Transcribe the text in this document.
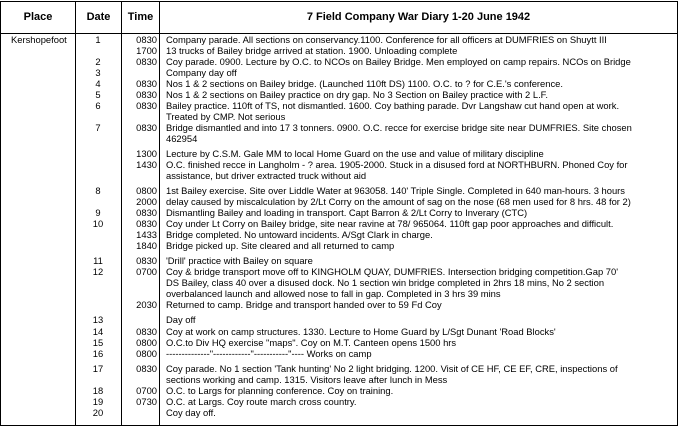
Place	Date	Time	7 Field Company War Diary 1-20 June 1942
Kershopefoot	1	0830 Company parade. All sections on conservancy.1100. Conference for all officers at DUMFRIES on Shuytt III
1700 13 trucks of Bailey bridge arrived at station. 1900. Unloading complete
2	0830 Coy parade. 0900. Lecture by O.C. to NCOs on Bailey Bridge. Men employed on camp repairs. NCOs on Bridge
3	Company day off
4	0830 Nos 1 & 2 sections on Bailey bridge. (Launched 110ft DS) 1100. O.C. to ? for C.E.'s conference.
5	0830 Nos 1 & 2 sections on Bailey practice on dry gap. No 3 Section on Bailey practice with 2 L.F.
6	0830 Bailey practice. 110ft of TS, not dismantled. 1600. Coy bathing parade. Dvr Langshaw cut hand open at work.
Treated by CMP. Not serious
7	0830 Bridge dismantled and into 17 3 tonners. 0900. O.C. recce for exercise bridge site near DUMFRIES. Site chosen
462954
1300 Lecture by C.S.M. Gale MM to local Home Guard on the use and value of military discipline
1430 O.C. finished recce in Langholm - ? area. 1905-2000. Stuck in a disused ford at NORTHBURN. Phoned Coy for
assistance, but driver extracted truck without aid
8	0800 1st Bailey exercise. Site over Liddle Water at 963058. 140' Triple Single. Completed in 640 man-hours. 3 hours
2000 delay caused by miscalculation by 2/Lt Corry on the amount of sag on the nose (68 men used for 8 hrs. 48 for 2)
9	0830 Dismantling Bailey and loading in transport. Capt Barron & 2/Lt Corry to Inverary (CTC)
10	0830 Coy under Lt Corry on Bailey bridge, site near ravine at 78/ 965064. 110ft gap poor approaches and difficult.
1433 Bridge completed. No untoward incidents. A/Sgt Clark in charge.
1840 Bridge picked up. Site cleared and all returned to camp
11	0830 'Drill' practice with Bailey on square
12	0700 Coy & bridge transport move off to KINGHOLM QUAY, DUMFRIES. Intersection bridging competition.Gap 70'
DS Bailey, class 40 over a disused dock. No 1 section win bridge completed in 2hrs 18 mins, No 2 section
overbalanced launch and allowed nose to fall in gap. Completed in 3 hrs 39 mins
2030 Returned to camp. Bridge and transport handed over to 59 Fd Coy
13	Day off
14	0830 Coy at work on camp structures. 1330. Lecture to Home Guard by L/Sgt Dunant 'Road Blocks'
15	0800 O.C.to Div HQ exercise "maps". Coy on M.T. Canteen opens 1500 hrs
16	0800 --------------"------------"-----------"---- Works on camp
17	0830 Coy parade. No 1 section 'Tank hunting' No 2 light bridging. 1200. Visit of CE HF, CE EF, CRE, inspections of
sections working and camp. 1315. Visitors leave after lunch in Mess
18	0700 O.C. to Largs for planning conference. Coy on training.
19	0730 O.C. at Largs. Coy route march cross country.
20	Coy day off.
